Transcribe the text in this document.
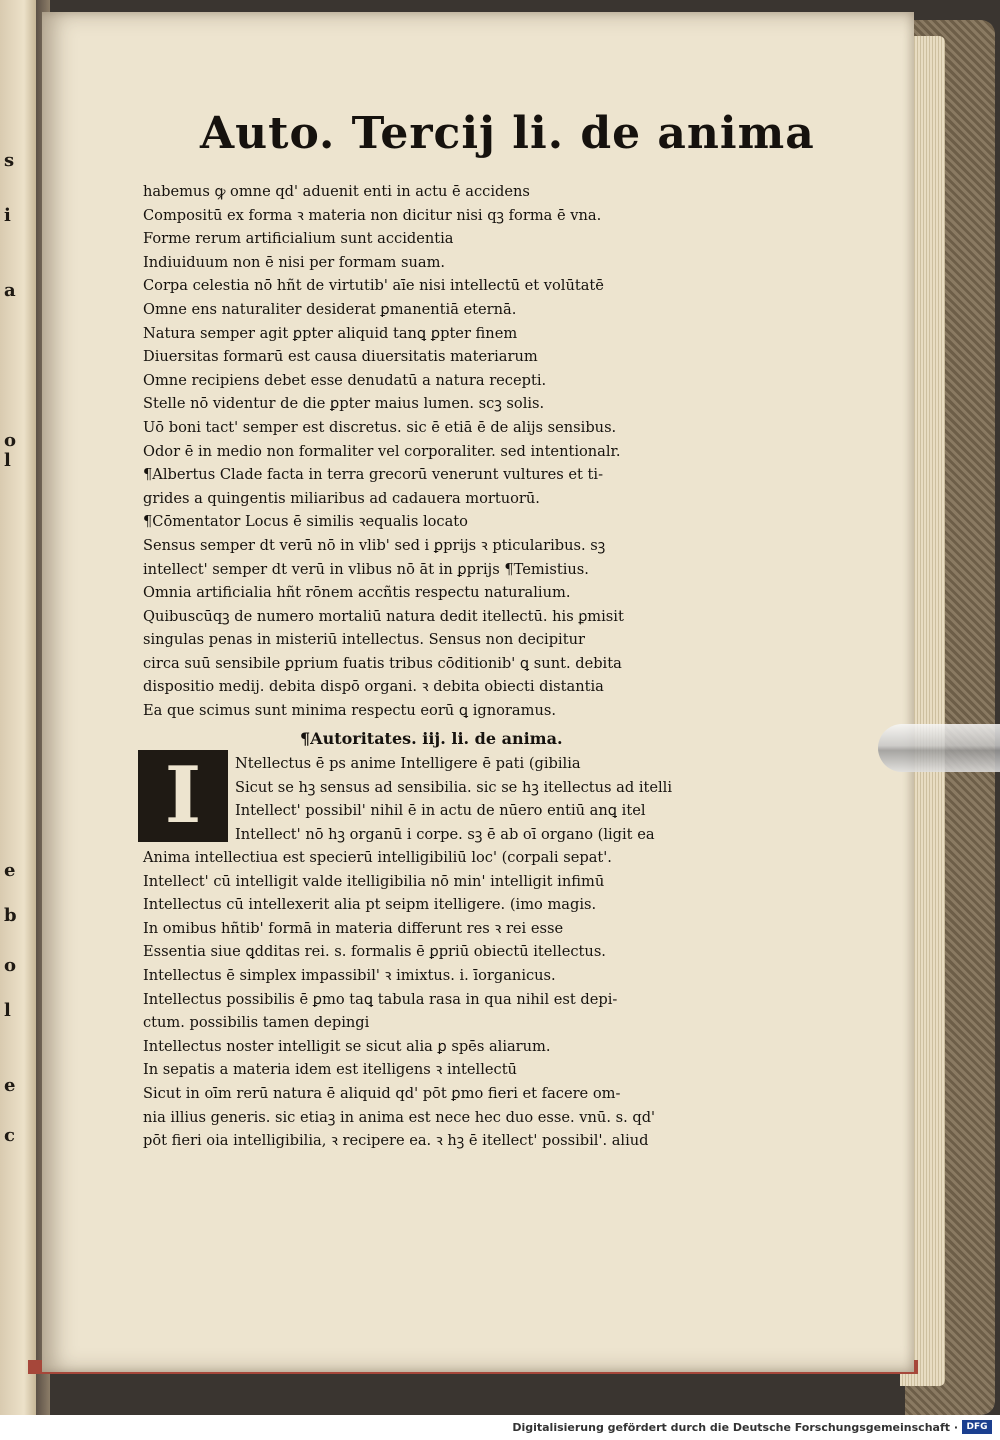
s
i
a
o
l
e
b
o
l
e
c
Auto. Tercij li. de anima
habemus ꝙ omne qd' aduenit enti in actu ē accidens
Compositū ex forma ꝛ materia non dicitur nisi qꝫ forma ē vna.
Forme rerum artificialium sunt accidentia
Indiuiduum non ē nisi per formam suam.
Corpa celestia nō hñt de virtutib' aīe nisi intellectū et volūtatē
Omne ens naturaliter desiderat ꝑmanentiā eternā.
Natura semper agit ꝑpter aliquid tanꝗ ꝑpter finem
Diuersitas formarū est causa diuersitatis materiarum
Omne recipiens debet esse denudatū a natura recepti.
Stelle nō videntur de die ꝑpter maius lumen. scꝫ solis.
Uō boni tact' semper est discretus. sic ē etiā ē de alijs sensibus.
Odor ē in medio non formaliter vel corporaliter. sed intentionalr.
¶Albertus Clade facta in terra grecorū venerunt vultures et ti-
grides a quingentis miliaribus ad cadauera mortuorū.
¶Cōmentator Locus ē similis ꝛequalis locato
Sensus semper dt verū nō in vlib' sed i ꝑprijs ꝛ pticularibus. sꝫ
intellect' semper dt verū in vlibus nō āt in ꝑprijs ¶Temistius.
Omnia artificialia hñt rōnem accñtis respectu naturalium.
Quibuscūqꝫ de numero mortaliū natura dedit itellectū. his ꝑmisit
singulas penas in misteriū intellectus. Sensus non decipitur
circa suū sensibile ꝑprium fuatis tribus cōditionib' ꝗ sunt. debita
dispositio medij. debita dispō organi. ꝛ debita obiecti distantia
Ea que scimus sunt minima respectu eorū ꝗ ignoramus.
¶Autoritates. iij. li. de anima.
I	Ntellectus ē ps anime Intelligere ē pati (gibilia
Sicut se hꝫ sensus ad sensibilia. sic se hꝫ itellectus ad itelli
Intellect' possibil' nihil ē in actu de nūero entiū anꝗ itel
Intellect' nō hꝫ organū i corpe. sꝫ ē ab oī organo (ligit ea
Anima intellectiua est specierū intelligibiliū loc' (corpali sepat'.
Intellect' cū intelligit valde itelligibilia nō min' intelligit infimū
Intellectus cū intellexerit alia pt seipm itelligere. (imo magis.
In omibus hñtib' formā in materia differunt res ꝛ rei esse
Essentia siue ꝗdditas rei. s. formalis ē ꝑpriū obiectū itellectus.
Intellectus ē simplex impassibil' ꝛ imixtus. i. īorganicus.
Intellectus possibilis ē ꝑmo taꝗ tabula rasa in qua nihil est depi-
ctum. possibilis tamen depingi
Intellectus noster intelligit se sicut alia ꝑ spēs aliarum.
In sepatis a materia idem est itelligens ꝛ intellectū
Sicut in oīm rerū natura ē aliquid qd' pōt ꝑmo fieri et facere om-
nia illius generis. sic etiaꝫ in anima est nece hec duo esse. vnū. s. qd'
pōt fieri oia intelligibilia, ꝛ recipere ea. ꝛ hꝫ ē itellect' possibil'. aliud
Digitalisierung gefördert durch die Deutsche Forschungsgemeinschaft · DFG
